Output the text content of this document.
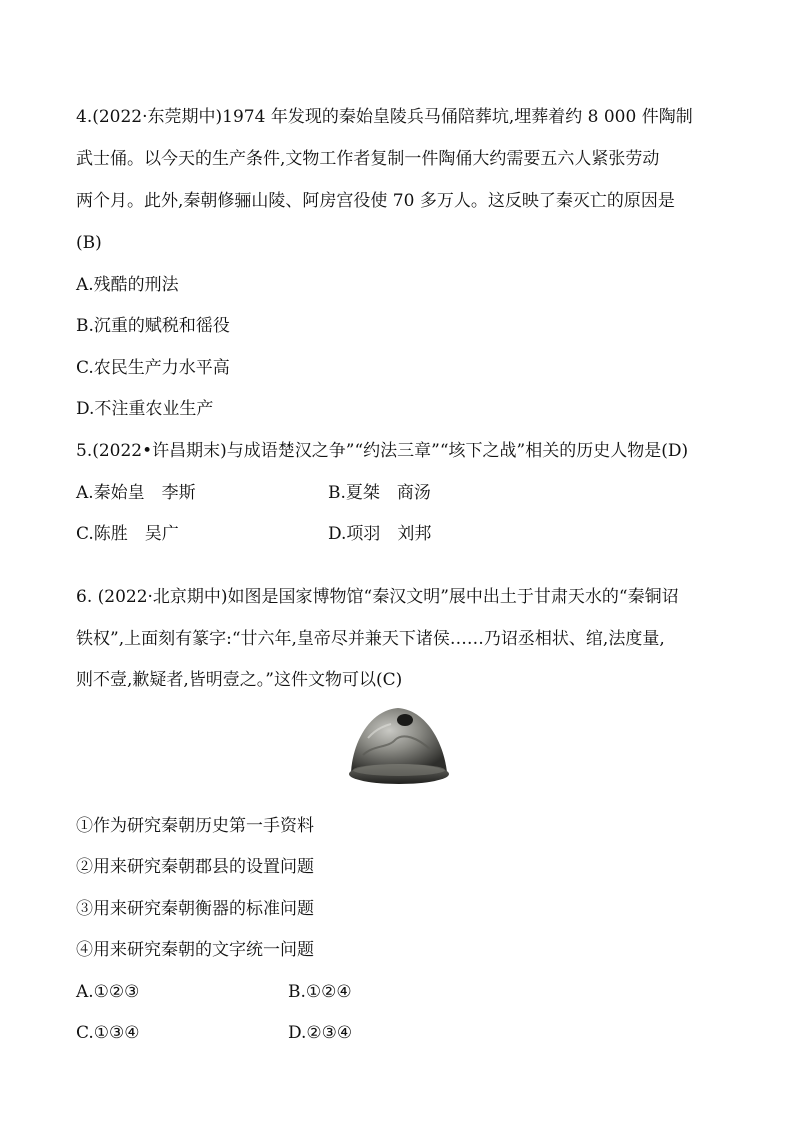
4.(2022·东莞期中)1974 年发现的秦始皇陵兵马俑陪葬坑,埋葬着约 8 000 件陶制
武士俑。以今天的生产条件,文物工作者复制一件陶俑大约需要五六人紧张劳动
两个月。此外,秦朝修骊山陵、阿房宫役使 70 多万人。这反映了秦灭亡的原因是
(B)
A.残酷的刑法
B.沉重的赋税和徭役
C.农民生产力水平高
D.不注重农业生产
5.(2022•许昌期末)与成语楚汉之争”“约法三章”“垓下之战”相关的历史人物是(D)
A.秦始皇　李斯	B.夏桀　商汤
C.陈胜　吴广	D.项羽　刘邦
6. (2022·北京期中)如图是国家博物馆“秦汉文明”展中出土于甘肃天水的“秦铜诏
铁权”,上面刻有篆字:“廿六年,皇帝尽并兼天下诸侯……乃诏丞相状、绾,法度量,
则不壹,歉疑者,皆明壹之。”这件文物可以(C)
①作为研究秦朝历史第一手资料
②用来研究秦朝郡县的设置问题
③用来研究秦朝衡器的标准问题
④用来研究秦朝的文字统一问题
A.①②③	B.①②④
C.①③④	D.②③④
